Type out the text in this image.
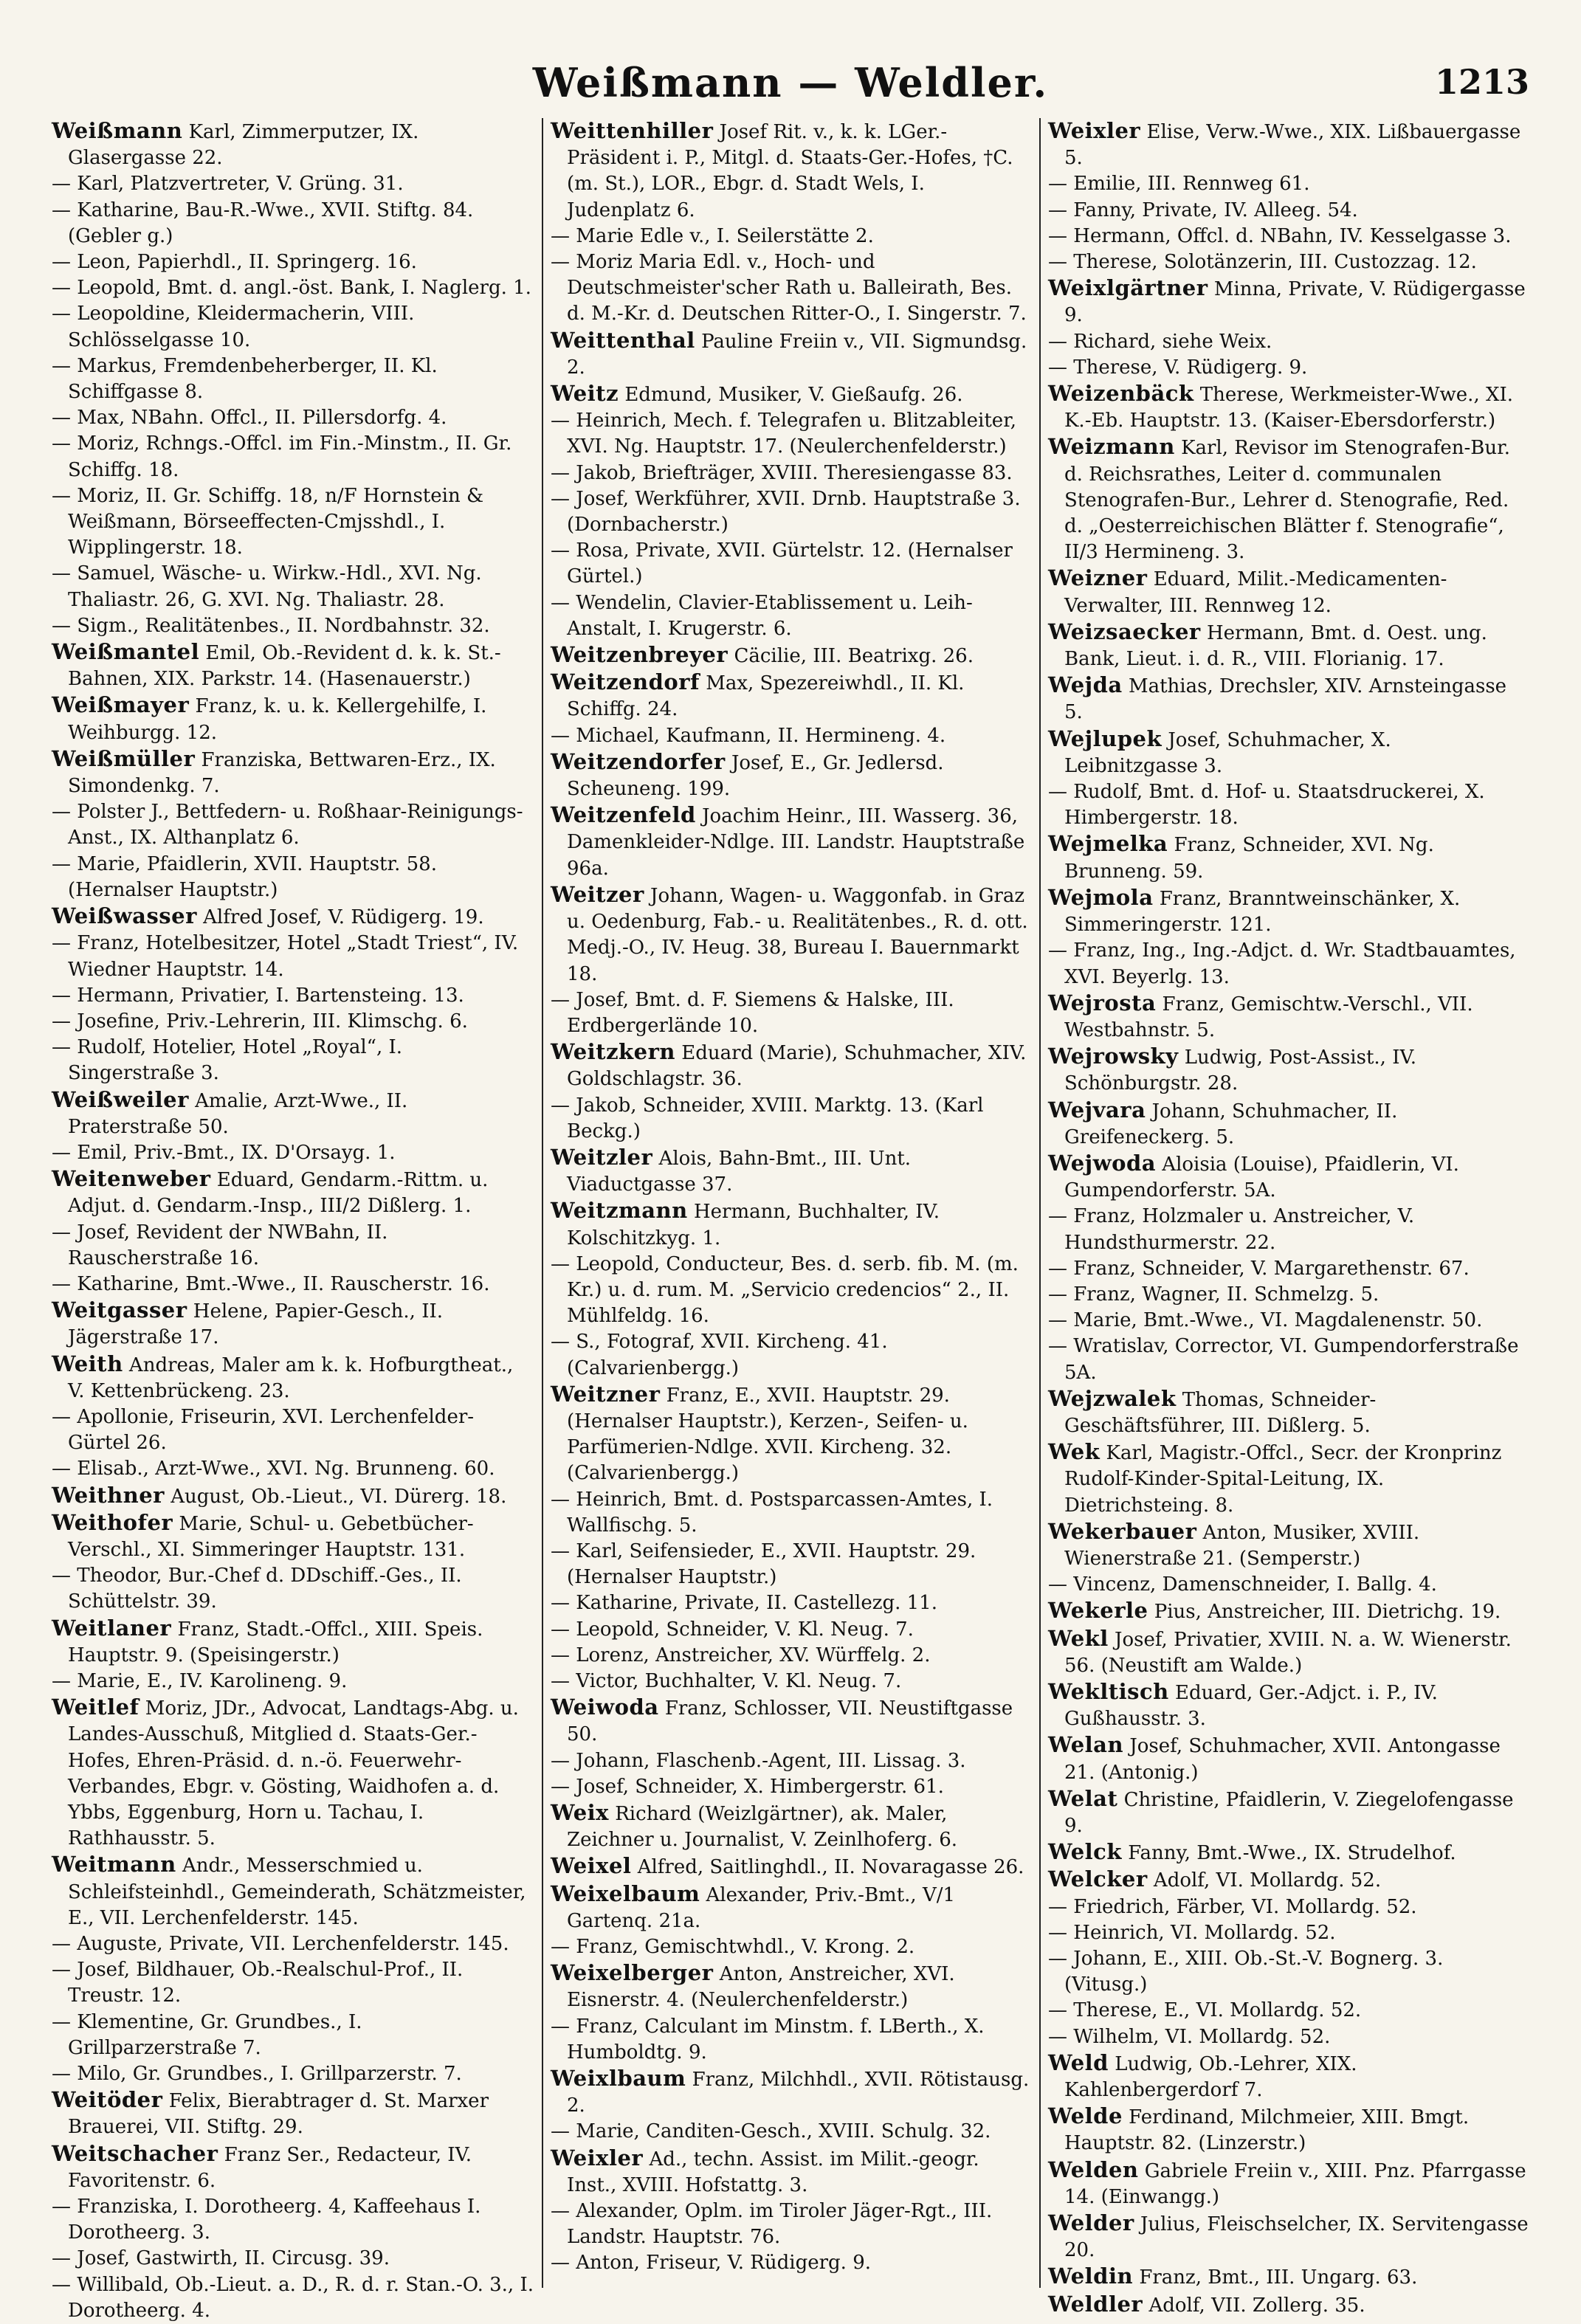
Weißmann — Weldler.	1213

Weißmann Karl, Zimmerputzer, IX. Glasergasse 22.

— Karl, Platzvertreter, V. Grüng. 31.

— Katharine, Bau-R.-Wwe., XVII. Stiftg. 84. (Gebler g.)

— Leon, Papierhdl., II. Springerg. 16.

— Leopold, Bmt. d. angl.-öst. Bank, I. Naglerg. 1.

— Leopoldine, Kleidermacherin, VIII. Schlösselgasse 10.

— Markus, Fremdenbeherberger, II. Kl. Schiffgasse 8.

— Max, NBahn. Offcl., II. Pillersdorfg. 4.

— Moriz, Rchngs.-Offcl. im Fin.-Minstm., II. Gr. Schiffg. 18.

— Moriz, II. Gr. Schiffg. 18, n/F Hornstein & Weißmann, Börseeffecten-Cmjsshdl., I. Wipplingerstr. 18.

— Samuel, Wäsche- u. Wirkw.-Hdl., XVI. Ng. Thaliastr. 26, G. XVI. Ng. Thaliastr. 28.

— Sigm., Realitätenbes., II. Nordbahnstr. 32.

Weißmantel Emil, Ob.-Revident d. k. k. St.-Bahnen, XIX. Parkstr. 14. (Hasenauerstr.)

Weißmayer Franz, k. u. k. Kellergehilfe, I. Weihburgg. 12.

Weißmüller Franziska, Bettwaren-Erz., IX. Simondenkg. 7.

— Polster J., Bettfedern- u. Roßhaar-Reinigungs-Anst., IX. Althanplatz 6.

— Marie, Pfaidlerin, XVII. Hauptstr. 58. (Hernalser Hauptstr.)

Weißwasser Alfred Josef, V. Rüdigerg. 19.

— Franz, Hotelbesitzer, Hotel „Stadt Triest“, IV. Wiedner Hauptstr. 14.

— Hermann, Privatier, I. Bartensteing. 13.

— Josefine, Priv.-Lehrerin, III. Klimschg. 6.

— Rudolf, Hotelier, Hotel „Royal“, I. Singerstraße 3.

Weißweiler Amalie, Arzt-Wwe., II. Praterstraße 50.

— Emil, Priv.-Bmt., IX. D'Orsayg. 1.

Weitenweber Eduard, Gendarm.-Rittm. u. Adjut. d. Gendarm.-Insp., III/2 Dißlerg. 1.

— Josef, Revident der NWBahn, II. Rauscherstraße 16.

— Katharine, Bmt.-Wwe., II. Rauscherstr. 16.

Weitgasser Helene, Papier-Gesch., II. Jägerstraße 17.

Weith Andreas, Maler am k. k. Hofburgtheat., V. Kettenbrückeng. 23.

— Apollonie, Friseurin, XVI. Lerchenfelder-Gürtel 26.

— Elisab., Arzt-Wwe., XVI. Ng. Brunneng. 60.

Weithner August, Ob.-Lieut., VI. Dürerg. 18.

Weithofer Marie, Schul- u. Gebetbücher-Verschl., XI. Simmeringer Hauptstr. 131.

— Theodor, Bur.-Chef d. DDschiff.-Ges., II. Schüttelstr. 39.

Weitlaner Franz, Stadt.-Offcl., XIII. Speis. Hauptstr. 9. (Speisingerstr.)

— Marie, E., IV. Karolineng. 9.

Weitlef Moriz, JDr., Advocat, Landtags-Abg. u. Landes-Ausschuß, Mitglied d. Staats-Ger.-Hofes, Ehren-Präsid. d. n.-ö. Feuerwehr-Verbandes, Ebgr. v. Gösting, Waidhofen a. d. Ybbs, Eggenburg, Horn u. Tachau, I. Rathhausstr. 5.

Weitmann Andr., Messerschmied u. Schleifsteinhdl., Gemeinderath, Schätzmeister, E., VII. Lerchenfelderstr. 145.

— Auguste, Private, VII. Lerchenfelderstr. 145.

— Josef, Bildhauer, Ob.-Realschul-Prof., II. Treustr. 12.

— Klementine, Gr. Grundbes., I. Grillparzerstraße 7.

— Milo, Gr. Grundbes., I. Grillparzerstr. 7.

Weitöder Felix, Bierabtrager d. St. Marxer Brauerei, VII. Stiftg. 29.

Weitschacher Franz Ser., Redacteur, IV. Favoritenstr. 6.

— Franziska, I. Dorotheerg. 4, Kaffeehaus I. Dorotheerg. 3.

— Josef, Gastwirth, II. Circusg. 39.

— Willibald, Ob.-Lieut. a. D., R. d. r. Stan.-O. 3., I. Dorotheerg. 4.

Weittenhiller Josef Rit. v., k. k. LGer.-Präsident i. P., Mitgl. d. Staats-Ger.-Hofes, †C. (m. St.), LOR., Ebgr. d. Stadt Wels, I. Judenplatz 6.

— Marie Edle v., I. Seilerstätte 2.

— Moriz Maria Edl. v., Hoch- und Deutschmeister'scher Rath u. Balleirath, Bes. d. M.-Kr. d. Deutschen Ritter-O., I. Singerstr. 7.

Weittenthal Pauline Freiin v., VII. Sigmundsg. 2.

Weitz Edmund, Musiker, V. Gießaufg. 26.

— Heinrich, Mech. f. Telegrafen u. Blitzableiter, XVI. Ng. Hauptstr. 17. (Neulerchenfelderstr.)

— Jakob, Briefträger, XVIII. Theresiengasse 83.

— Josef, Werkführer, XVII. Drnb. Hauptstraße 3. (Dornbacherstr.)

— Rosa, Private, XVII. Gürtelstr. 12. (Hernalser Gürtel.)

— Wendelin, Clavier-Etablissement u. Leih-Anstalt, I. Krugerstr. 6.

Weitzenbreyer Cäcilie, III. Beatrixg. 26.

Weitzendorf Max, Spezereiwhdl., II. Kl. Schiffg. 24.

— Michael, Kaufmann, II. Hermineng. 4.

Weitzendorfer Josef, E., Gr. Jedlersd. Scheuneng. 199.

Weitzenfeld Joachim Heinr., III. Wasserg. 36, Damenkleider-Ndlge. III. Landstr. Hauptstraße 96a.

Weitzer Johann, Wagen- u. Waggonfab. in Graz u. Oedenburg, Fab.- u. Realitätenbes., R. d. ott. Medj.-O., IV. Heug. 38, Bureau I. Bauernmarkt 18.

— Josef, Bmt. d. F. Siemens & Halske, III. Erdbergerlände 10.

Weitzkern Eduard (Marie), Schuhmacher, XIV. Goldschlagstr. 36.

— Jakob, Schneider, XVIII. Marktg. 13. (Karl Beckg.)

Weitzler Alois, Bahn-Bmt., III. Unt. Viaductgasse 37.

Weitzmann Hermann, Buchhalter, IV. Kolschitzkyg. 1.

— Leopold, Conducteur, Bes. d. serb. fib. M. (m. Kr.) u. d. rum. M. „Servicio credencios“ 2., II. Mühlfeldg. 16.

— S., Fotograf, XVII. Kircheng. 41. (Calvarienbergg.)

Weitzner Franz, E., XVII. Hauptstr. 29. (Hernalser Hauptstr.), Kerzen-, Seifen- u. Parfümerien-Ndlge. XVII. Kircheng. 32. (Calvarienbergg.)

— Heinrich, Bmt. d. Postsparcassen-Amtes, I. Wallfischg. 5.

— Karl, Seifensieder, E., XVII. Hauptstr. 29. (Hernalser Hauptstr.)

— Katharine, Private, II. Castellezg. 11.

— Leopold, Schneider, V. Kl. Neug. 7.

— Lorenz, Anstreicher, XV. Würffelg. 2.

— Victor, Buchhalter, V. Kl. Neug. 7.

Weiwoda Franz, Schlosser, VII. Neustiftgasse 50.

— Johann, Flaschenb.-Agent, III. Lissag. 3.

— Josef, Schneider, X. Himbergerstr. 61.

Weix Richard (Weizlgärtner), ak. Maler, Zeichner u. Journalist, V. Zeinlhoferg. 6.

Weixel Alfred, Saitlinghdl., II. Novaragasse 26.

Weixelbaum Alexander, Priv.-Bmt., V/1 Gartenq. 21a.

— Franz, Gemischtwhdl., V. Krong. 2.

Weixelberger Anton, Anstreicher, XVI. Eisnerstr. 4. (Neulerchenfelderstr.)

— Franz, Calculant im Minstm. f. LBerth., X. Humboldtg. 9.

Weixlbaum Franz, Milchhdl., XVII. Rötistausg. 2.

— Marie, Canditen-Gesch., XVIII. Schulg. 32.

Weixler Ad., techn. Assist. im Milit.-geogr. Inst., XVIII. Hofstattg. 3.

— Alexander, Oplm. im Tiroler Jäger-Rgt., III. Landstr. Hauptstr. 76.

— Anton, Friseur, V. Rüdigerg. 9.

Weixler Elise, Verw.-Wwe., XIX. Lißbauergasse 5.

— Emilie, III. Rennweg 61.

— Fanny, Private, IV. Alleeg. 54.

— Hermann, Offcl. d. NBahn, IV. Kesselgasse 3.

— Therese, Solotänzerin, III. Custozzag. 12.

Weixlgärtner Minna, Private, V. Rüdigergasse 9.

— Richard, siehe Weix.

— Therese, V. Rüdigerg. 9.

Weizenbäck Therese, Werkmeister-Wwe., XI. K.-Eb. Hauptstr. 13. (Kaiser-Ebersdorferstr.)

Weizmann Karl, Revisor im Stenografen-Bur. d. Reichsrathes, Leiter d. communalen Stenografen-Bur., Lehrer d. Stenografie, Red. d. „Oesterreichischen Blätter f. Stenografie“, II/3 Hermineng. 3.

Weizner Eduard, Milit.-Medicamenten-Verwalter, III. Rennweg 12.

Weizsaecker Hermann, Bmt. d. Oest. ung. Bank, Lieut. i. d. R., VIII. Florianig. 17.

Wejda Mathias, Drechsler, XIV. Arnsteingasse 5.

Wejlupek Josef, Schuhmacher, X. Leibnitzgasse 3.

— Rudolf, Bmt. d. Hof- u. Staatsdruckerei, X. Himbergerstr. 18.

Wejmelka Franz, Schneider, XVI. Ng. Brunneng. 59.

Wejmola Franz, Branntweinschänker, X. Simmeringerstr. 121.

— Franz, Ing., Ing.-Adjct. d. Wr. Stadtbauamtes, XVI. Beyerlg. 13.

Wejrosta Franz, Gemischtw.-Verschl., VII. Westbahnstr. 5.

Wejrowsky Ludwig, Post-Assist., IV. Schönburgstr. 28.

Wejvara Johann, Schuhmacher, II. Greifeneckerg. 5.

Wejwoda Aloisia (Louise), Pfaidlerin, VI. Gumpendorferstr. 5A.

— Franz, Holzmaler u. Anstreicher, V. Hundsthurmerstr. 22.

— Franz, Schneider, V. Margarethenstr. 67.

— Franz, Wagner, II. Schmelzg. 5.

— Marie, Bmt.-Wwe., VI. Magdalenenstr. 50.

— Wratislav, Corrector, VI. Gumpendorferstraße 5A.

Wejzwalek Thomas, Schneider-Geschäftsführer, III. Dißlerg. 5.

Wek Karl, Magistr.-Offcl., Secr. der Kronprinz Rudolf-Kinder-Spital-Leitung, IX. Dietrichsteing. 8.

Wekerbauer Anton, Musiker, XVIII. Wienerstraße 21. (Semperstr.)

— Vincenz, Damenschneider, I. Ballg. 4.

Wekerle Pius, Anstreicher, III. Dietrichg. 19.

Wekl Josef, Privatier, XVIII. N. a. W. Wienerstr. 56. (Neustift am Walde.)

Wekltisch Eduard, Ger.-Adjct. i. P., IV. Gußhausstr. 3.

Welan Josef, Schuhmacher, XVII. Antongasse 21. (Antonig.)

Welat Christine, Pfaidlerin, V. Ziegelofengasse 9.

Welck Fanny, Bmt.-Wwe., IX. Strudelhof.

Welcker Adolf, VI. Mollardg. 52.

— Friedrich, Färber, VI. Mollardg. 52.

— Heinrich, VI. Mollardg. 52.

— Johann, E., XIII. Ob.-St.-V. Bognerg. 3. (Vitusg.)

— Therese, E., VI. Mollardg. 52.

— Wilhelm, VI. Mollardg. 52.

Weld Ludwig, Ob.-Lehrer, XIX. Kahlenbergerdorf 7.

Welde Ferdinand, Milchmeier, XIII. Bmgt. Hauptstr. 82. (Linzerstr.)

Welden Gabriele Freiin v., XIII. Pnz. Pfarrgasse 14. (Einwangg.)

Welder Julius, Fleischselcher, IX. Servitengasse 20.

Weldin Franz, Bmt., III. Ungarg. 63.

Weldler Adolf, VII. Zollerg. 35.
